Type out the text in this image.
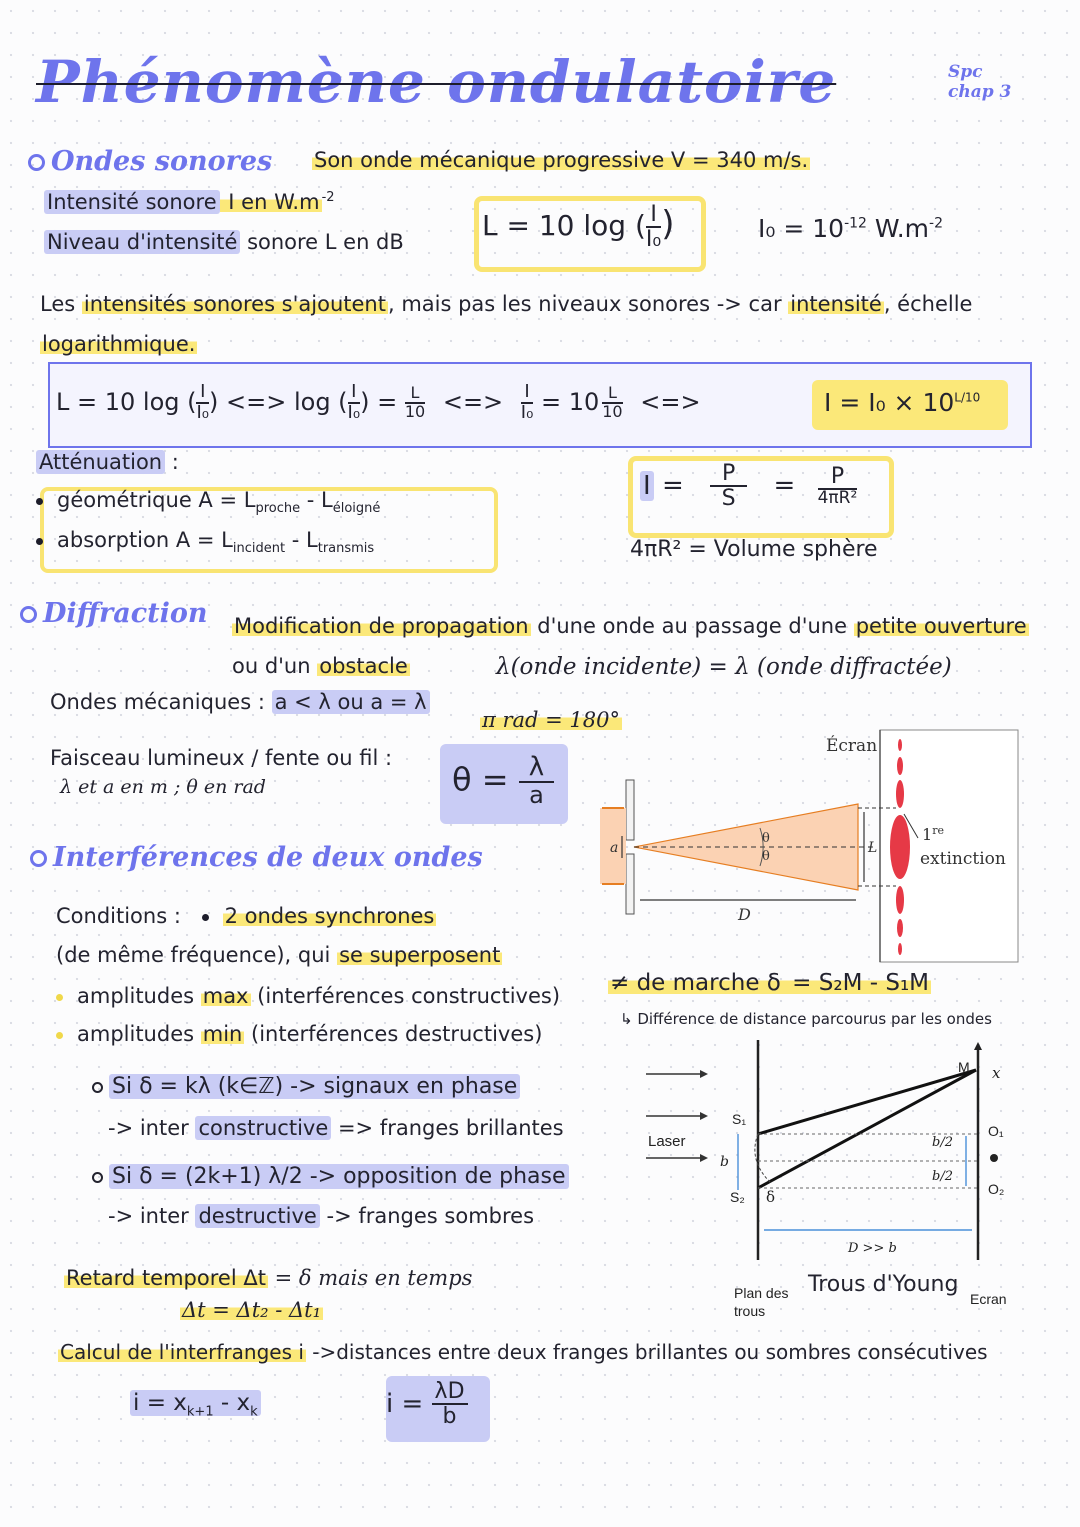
Phénomène ondulatoire	Spc
chap 3
Ondes sonores Son onde mécanique progressive V = 340 m/s.
Intensité sonore I en W.m $^{-2}$
Niveau d'intensité sonore L en dB	L = 10 log ( $\frac{I}{\text{I₀}}$ )	$I_0 = 10^{-12}$ $W.m^{-2}$
Les intensités sonores s'ajoutent, mais pas les niveaux sonores -> car intensité, échelle
logarithmique.
L = 10 log ( $\frac{I}{\text{I₀}}$ ) <=> log ( $\frac{I}{\text{I₀}}$ ) = $\frac{L}{10}$ <=> $\frac{I}{\text{I₀}} = 10 \frac{L}{10}$ <=>	$I = I_0 \times 10^{L/10}$
Atténuation :
géométrique $A = L_{proche} - L_{éloigné}$
absorption $A = L_{incident} - L_{transmis}$
$I = \frac{P}{S} = \frac{P}{\text{4πR²}}$
4πR² = Volume sphère
Diffraction Modification de propagation d'une onde au passage d'une petite ouverture
ou d'un obstacle	λ(onde incidente) = λ (onde diffractée)
Ondes mécaniques : a < λ ou a = λ
π rad = 180°
Faisceau lumineux / fente ou fil :
λ et a en m ; θ en rad	$\theta = \frac{\lambda}{a}$
Écran
θ
θ
a	L
D
1re
extinction
Interférences de deux ondes
Conditions : 2 ondes synchrones
(de même fréquence), qui se superposent
amplitudes max (interférences constructives)
amplitudes min (interférences destructives)
Si δ = kλ (k∈ℤ) -> signaux en phase
-> inter constructive => franges brillantes
Si δ = (2k+1) λ/2 -> opposition de phase
-> inter destructive -> franges sombres
≠ de marche δ = S₂M - S₁M
↳ Différence de distance parcourus par les ondes
Laser
S₁
S₂
b
δ
M x
O₁
O₂
b/2
b/2
D >> b
Plan des
trous
Ecran
Trous d'Young
Retard temporel Δt = δ mais en temps
Δt = Δt₂ - Δt₁
Calcul de l'interfranges i ->distances entre deux franges brillantes ou sombres consécutives
$i = x_{k+1} - x_k$	$i = \frac{\lambda D}{b}$
